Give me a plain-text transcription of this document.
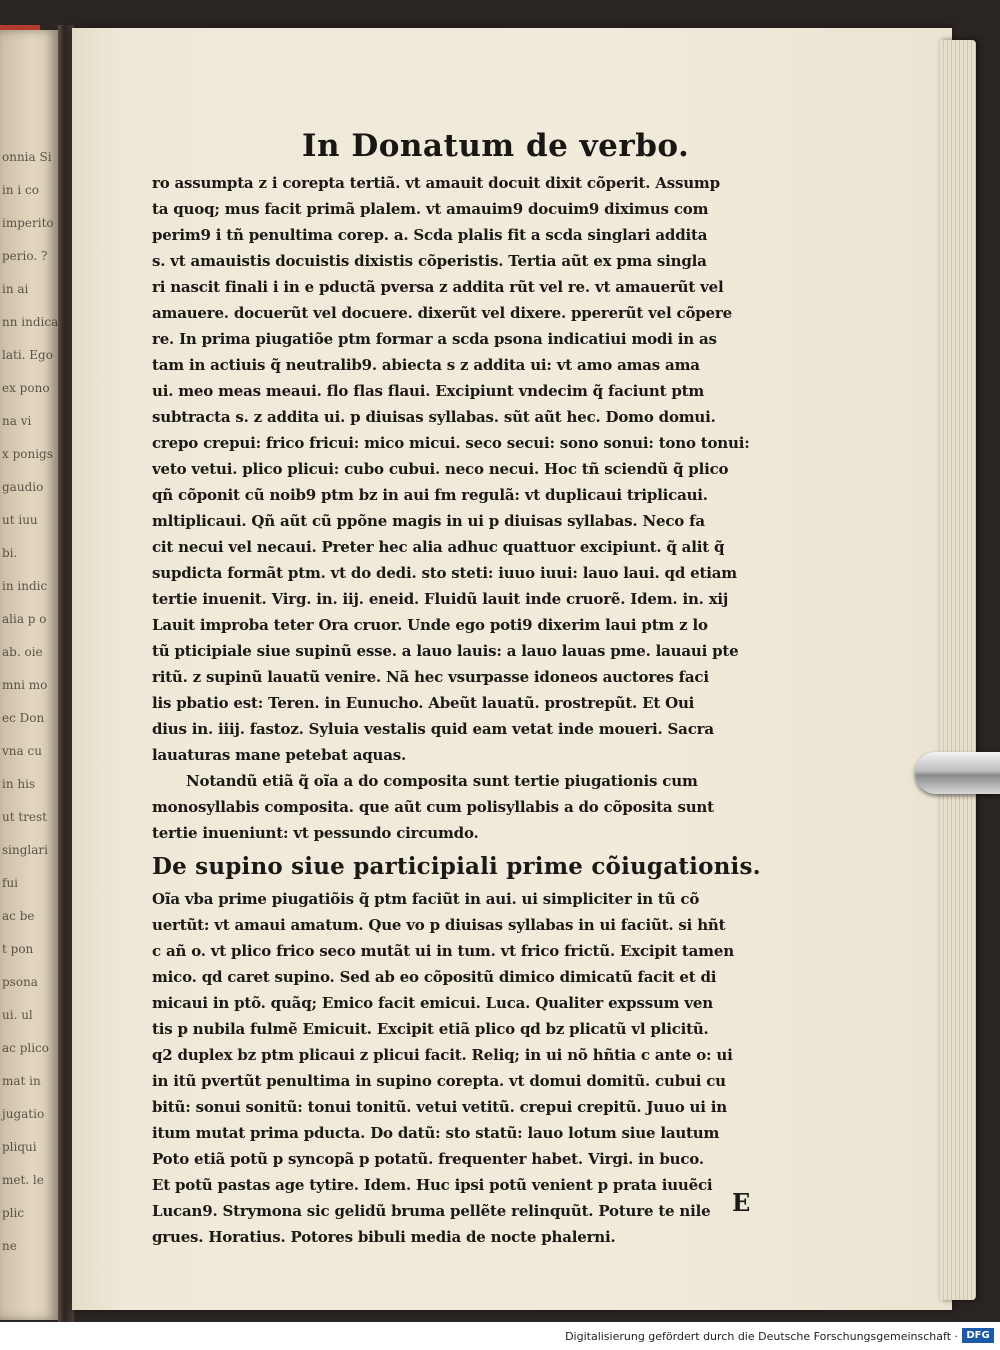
onnia Si
in i co
imperito
perio. ?
in ai
nn indica
lati. Ego
ex pono
na vi
x ponigs
gaudio
ut iuu
bi.
in indic
alia p o
ab. oie
mni mo
ec Don
vna cu
in his
ut trest
singlari
fui
ac be
t pon
psona
ui. ul
ac plico
mat in
jugatio
pliqui
met. le
plic
ne
In Donatum de verbo.
ro assumpta z i corepta tertiã. vt amauit docuit dixit cõperit. Assump
ta quoq; mus facit primã plalem. vt amauim9 docuim9 diximus com
perim9 i tñ penultima corep. a. Scda plalis fit a scda singlari addita
s. vt amauistis docuistis dixistis cõperistis. Tertia aũt ex pma singla
ri nascit finali i in e pductã pversa z addita rũt vel re. vt amauerũt vel
amauere. docuerũt vel docuere. dixerũt vel dixere. ppererũt vel cõpere
re. In prima piugatiõe ptm formar a scda psona indicatiui modi in as
tam in actiuis q̃ neutralib9. abiecta s z addita ui: vt amo amas ama
ui. meo meas meaui. flo flas flaui. Excipiunt vndecim q̃ faciunt ptm
subtracta s. z addita ui. p diuisas syllabas. sũt aũt hec. Domo domui.
crepo crepui: frico fricui: mico micui. seco secui: sono sonui: tono tonui:
veto vetui. plico plicui: cubo cubui. neco necui. Hoc tñ sciendũ q̃ plico
qñ cõponit cũ noib9 ptm bz in aui fm regulã: vt duplicaui triplicaui.
mltiplicaui. Qñ aũt cũ ppõne magis in ui p diuisas syllabas. Neco fa
cit necui vel necaui. Preter hec alia adhuc quattuor excipiunt. q̃ alit q̃
supdicta formãt ptm. vt do dedi. sto steti: iuuo iuui: lauo laui. qd etiam
tertie inuenit. Virg. in. iij. eneid. Fluidũ lauit inde cruorẽ. Idem. in. xij
Lauit improba teter Ora cruor. Unde ego poti9 dixerim laui ptm z lo
tũ pticipiale siue supinũ esse. a lauo lauis: a lauo lauas pme. lauaui pte
ritũ. z supinũ lauatũ venire. Nã hec vsurpasse idoneos auctores faci
lis pbatio est: Teren. in Eunucho. Abeũt lauatũ. prostrepũt. Et Oui
dius in. iiij. fastoz. Syluia vestalis quid eam vetat inde moueri. Sacra
lauaturas mane petebat aquas.
Notandũ etiã q̃ oĩa a do composita sunt tertie piugationis cum
monosyllabis composita. que aũt cum polisyllabis a do cõposita sunt
tertie inueniunt: vt pessundo circumdo.
De supino siue participiali prime cõiugationis.
Oĩa vba prime piugatiõis q̃ ptm faciũt in aui. ui simpliciter in tũ cõ
uertũt: vt amaui amatum. Que vo p diuisas syllabas in ui faciũt. si hñt
c añ o. vt plico frico seco mutãt ui in tum. vt frico frictũ. Excipit tamen
mico. qd caret supino. Sed ab eo cõpositũ dimico dimicatũ facit et di
micaui in ptõ. quãq; Emico facit emicui. Luca. Qualiter expssum ven
tis p nubila fulmẽ Emicuit. Excipit etiã plico qd bz plicatũ vl plicitũ.
q2 duplex bz ptm plicaui z plicui facit. Reliq; in ui nõ hñtia c ante o: ui
in itũ pvertũt penultima in supino corepta. vt domui domitũ. cubui cu
bitũ: sonui sonitũ: tonui tonitũ. vetui vetitũ. crepui crepitũ. Juuo ui in
itum mutat prima pducta. Do datũ: sto statũ: lauo lotum siue lautum
Poto etiã potũ p syncopã p potatũ. frequenter habet. Virgi. in buco.
Et potũ pastas age tytire. Idem. Huc ipsi potũ venient p prata iuuẽci
Lucan9. Strymona sic gelidũ bruma pellẽte relinquũt. Poture te nile
grues. Horatius. Potores bibuli media de nocte phalerni.
E
Digitalisierung gefördert durch die Deutsche Forschungsgemeinschaft · DFG
